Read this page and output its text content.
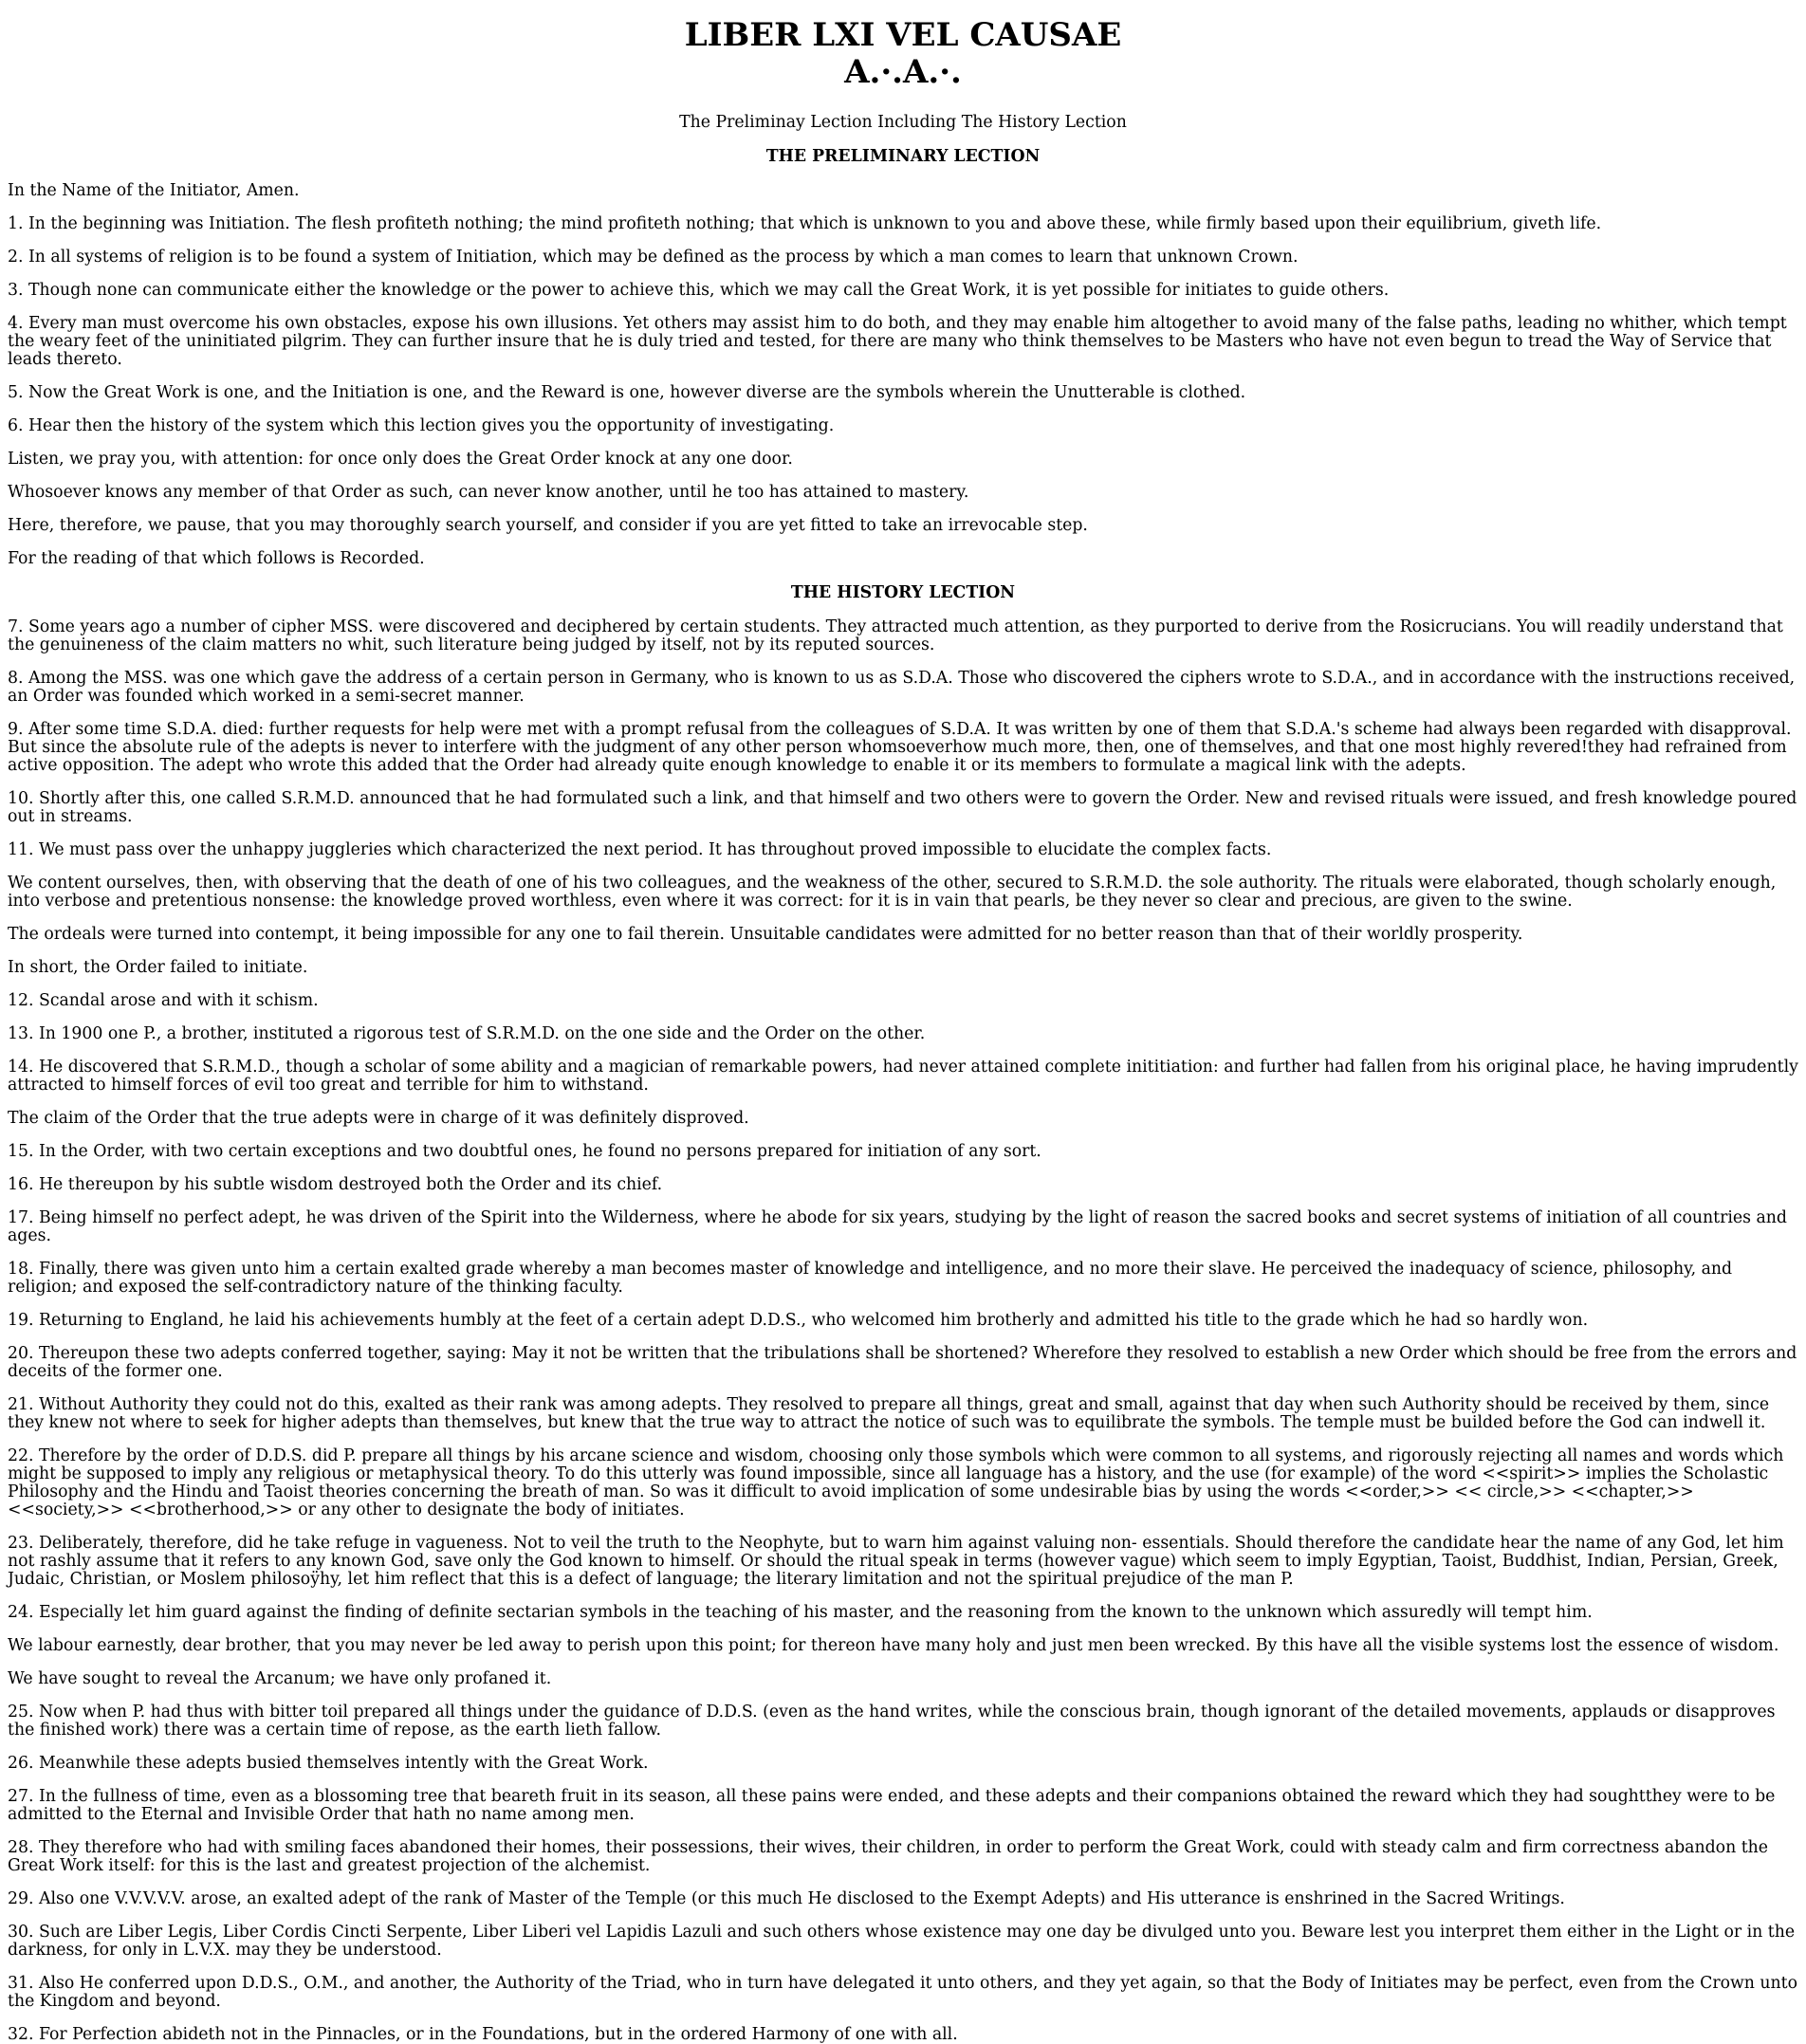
LIBER LXI VEL CAUSAE
A.·.A.·.

The Preliminay Lection Including The History Lection

THE PRELIMINARY LECTION

In the Name of the Initiator, Amen.

1. In the beginning was Initiation. The flesh profiteth nothing; the mind profiteth nothing; that which is unknown to you and above these, while firmly based upon their equilibrium, giveth life.

2. In all systems of religion is to be found a system of Initiation, which may be defined as the process by which a man comes to learn that unknown Crown.

3. Though none can communicate either the knowledge or the power to achieve this, which we may call the Great Work, it is yet possible for initiates to guide others.

4. Every man must overcome his own obstacles, expose his own illusions. Yet others may assist him to do both, and they may enable him altogether to avoid many of the false paths, leading no whither, which tempt the weary feet of the uninitiated pilgrim. They can further insure that he is duly tried and tested, for there are many who think themselves to be Masters who have not even begun to tread the Way of Service that leads thereto.

5. Now the Great Work is one, and the Initiation is one, and the Reward is one, however diverse are the symbols wherein the Unutterable is clothed.

6. Hear then the history of the system which this lection gives you the opportunity of investigating.

Listen, we pray you, with attention: for once only does the Great Order knock at any one door.

Whosoever knows any member of that Order as such, can never know another, until he too has attained to mastery.

Here, therefore, we pause, that you may thoroughly search yourself, and consider if you are yet fitted to take an irrevocable step.

For the reading of that which follows is Recorded.

THE HISTORY LECTION

7. Some years ago a number of cipher MSS. were discovered and deciphered by certain students. They attracted much attention, as they purported to derive from the Rosicrucians. You will readily understand that the genuineness of the claim matters no whit, such literature being judged by itself, not by its reputed sources.

8. Among the MSS. was one which gave the address of a certain person in Germany, who is known to us as S.D.A. Those who discovered the ciphers wrote to S.D.A., and in accordance with the instructions received, an Order was founded which worked in a semi-secret manner.

9. After some time S.D.A. died: further requests for help were met with a prompt refusal from the colleagues of S.D.A. It was written by one of them that S.D.A.'s scheme had always been regarded with disapproval. But since the absolute rule of the adepts is never to interfere with the judgment of any other person whomsoeverhow much more, then, one of themselves, and that one most highly revered!they had refrained from active opposition. The adept who wrote this added that the Order had already quite enough knowledge to enable it or its members to formulate a magical link with the adepts.

10. Shortly after this, one called S.R.M.D. announced that he had formulated such a link, and that himself and two others were to govern the Order. New and revised rituals were issued, and fresh knowledge poured out in streams.

11. We must pass over the unhappy juggleries which characterized the next period. It has throughout proved impossible to elucidate the complex facts.

We content ourselves, then, with observing that the death of one of his two colleagues, and the weakness of the other, secured to S.R.M.D. the sole authority. The rituals were elaborated, though scholarly enough, into verbose and pretentious nonsense: the knowledge proved worthless, even where it was correct: for it is in vain that pearls, be they never so clear and precious, are given to the swine.

The ordeals were turned into contempt, it being impossible for any one to fail therein. Unsuitable candidates were admitted for no better reason than that of their worldly prosperity.

In short, the Order failed to initiate.

12. Scandal arose and with it schism.

13. In 1900 one P., a brother, instituted a rigorous test of S.R.M.D. on the one side and the Order on the other.

14. He discovered that S.R.M.D., though a scholar of some ability and a magician of remarkable powers, had never attained complete inititiation: and further had fallen from his original place, he having imprudently attracted to himself forces of evil too great and terrible for him to withstand.

The claim of the Order that the true adepts were in charge of it was definitely disproved.

15. In the Order, with two certain exceptions and two doubtful ones, he found no persons prepared for initiation of any sort.

16. He thereupon by his subtle wisdom destroyed both the Order and its chief.

17. Being himself no perfect adept, he was driven of the Spirit into the Wilderness, where he abode for six years, studying by the light of reason the sacred books and secret systems of initiation of all countries and ages.

18. Finally, there was given unto him a certain exalted grade whereby a man becomes master of knowledge and intelligence, and no more their slave. He perceived the inadequacy of science, philosophy, and religion; and exposed the self-contradictory nature of the thinking faculty.

19. Returning to England, he laid his achievements humbly at the feet of a certain adept D.D.S., who welcomed him brotherly and admitted his title to the grade which he had so hardly won.

20. Thereupon these two adepts conferred together, saying: May it not be written that the tribulations shall be shortened? Wherefore they resolved to establish a new Order which should be free from the errors and deceits of the former one.

21. Without Authority they could not do this, exalted as their rank was among adepts. They resolved to prepare all things, great and small, against that day when such Authority should be received by them, since they knew not where to seek for higher adepts than themselves, but knew that the true way to attract the notice of such was to equilibrate the symbols. The temple must be builded before the God can indwell it.

22. Therefore by the order of D.D.S. did P. prepare all things by his arcane science and wisdom, choosing only those symbols which were common to all systems, and rigorously rejecting all names and words which might be supposed to imply any religious or metaphysical theory. To do this utterly was found impossible, since all language has a history, and the use (for example) of the word <<spirit>> implies the Scholastic Philosophy and the Hindu and Taoist theories concerning the breath of man. So was it difficult to avoid implication of some undesirable bias by using the words <<order,>> << circle,>> <<chapter,>> <<society,>> <<brotherhood,>> or any other to designate the body of initiates.

23. Deliberately, therefore, did he take refuge in vagueness. Not to veil the truth to the Neophyte, but to warn him against valuing non- essentials. Should therefore the candidate hear the name of any God, let him not rashly assume that it refers to any known God, save only the God known to himself. Or should the ritual speak in terms (however vague) which seem to imply Egyptian, Taoist, Buddhist, Indian, Persian, Greek, Judaic, Christian, or Moslem philosoÿhy, let him reflect that this is a defect of language; the literary limitation and not the spiritual prejudice of the man P.

24. Especially let him guard against the finding of definite sectarian symbols in the teaching of his master, and the reasoning from the known to the unknown which assuredly will tempt him.

We labour earnestly, dear brother, that you may never be led away to perish upon this point; for thereon have many holy and just men been wrecked. By this have all the visible systems lost the essence of wisdom.

We have sought to reveal the Arcanum; we have only profaned it.

25. Now when P. had thus with bitter toil prepared all things under the guidance of D.D.S. (even as the hand writes, while the conscious brain, though ignorant of the detailed movements, applauds or disapproves the finished work) there was a certain time of repose, as the earth lieth fallow.

26. Meanwhile these adepts busied themselves intently with the Great Work.

27. In the fullness of time, even as a blossoming tree that beareth fruit in its season, all these pains were ended, and these adepts and their companions obtained the reward which they had soughtthey were to be admitted to the Eternal and Invisible Order that hath no name among men.

28. They therefore who had with smiling faces abandoned their homes, their possessions, their wives, their children, in order to perform the Great Work, could with steady calm and firm correctness abandon the Great Work itself: for this is the last and greatest projection of the alchemist.

29. Also one V.V.V.V.V. arose, an exalted adept of the rank of Master of the Temple (or this much He disclosed to the Exempt Adepts) and His utterance is enshrined in the Sacred Writings.

30. Such are Liber Legis, Liber Cordis Cincti Serpente, Liber Liberi vel Lapidis Lazuli and such others whose existence may one day be divulged unto you. Beware lest you interpret them either in the Light or in the darkness, for only in L.V.X. may they be understood.

31. Also He conferred upon D.D.S., O.M., and another, the Authority of the Triad, who in turn have delegated it unto others, and they yet again, so that the Body of Initiates may be perfect, even from the Crown unto the Kingdom and beyond.

32. For Perfection abideth not in the Pinnacles, or in the Foundations, but in the ordered Harmony of one with all.
